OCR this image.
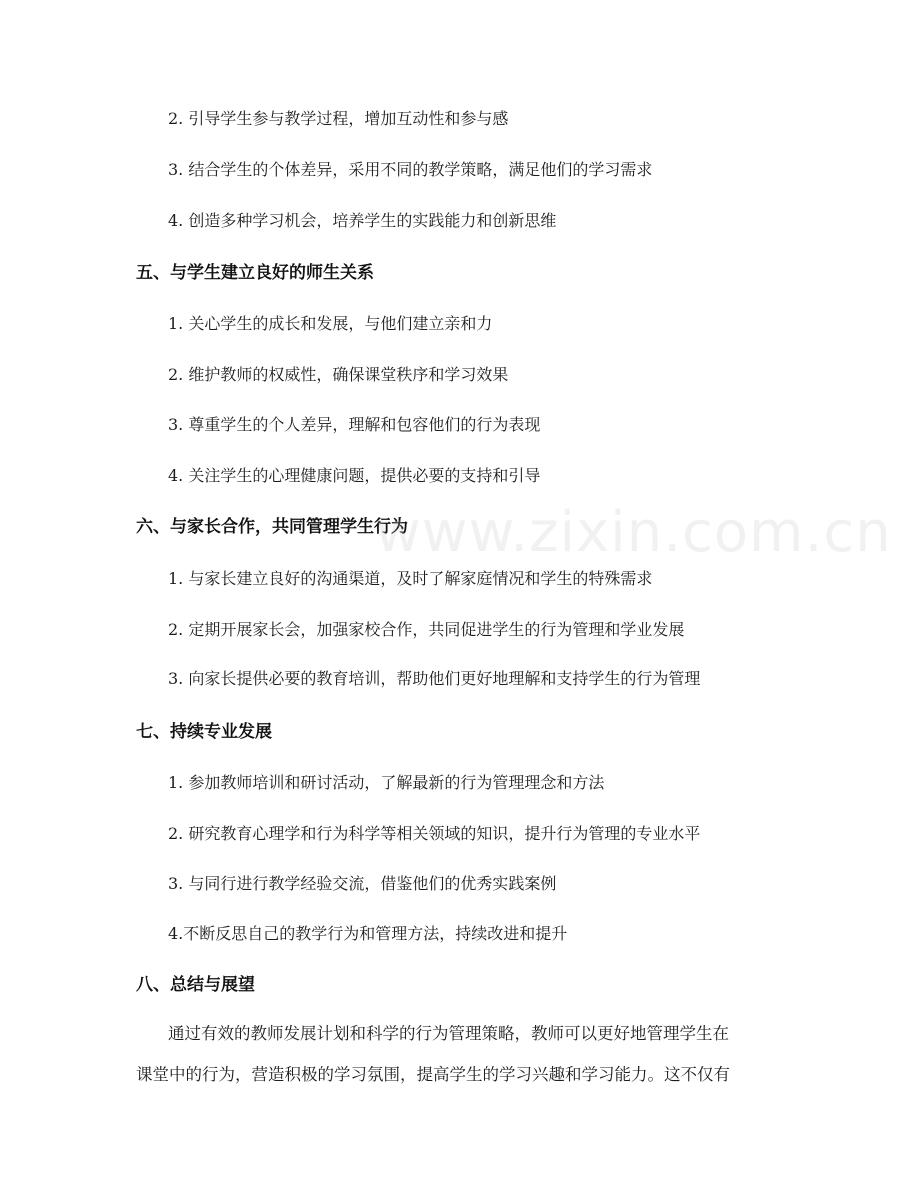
2. 引导学生参与教学过程，增加互动性和参与感
3. 结合学生的个体差异，采用不同的教学策略，满足他们的学习需求
4. 创造多种学习机会，培养学生的实践能力和创新思维
五、与学生建立良好的师生关系
1. 关心学生的成长和发展，与他们建立亲和力
2. 维护教师的权威性，确保课堂秩序和学习效果
3. 尊重学生的个人差异，理解和包容他们的行为表现
4. 关注学生的心理健康问题，提供必要的支持和引导
六、与家长合作，共同管理学生行为
1. 与家长建立良好的沟通渠道，及时了解家庭情况和学生的特殊需求
2. 定期开展家长会，加强家校合作，共同促进学生的行为管理和学业发展
3. 向家长提供必要的教育培训，帮助他们更好地理解和支持学生的行为管理
七、持续专业发展
1. 参加教师培训和研讨活动，了解最新的行为管理理念和方法
2. 研究教育心理学和行为科学等相关领域的知识，提升行为管理的专业水平
3. 与同行进行教学经验交流，借鉴他们的优秀实践案例
4.不断反思自己的教学行为和管理方法，持续改进和提升
八、总结与展望
通过有效的教师发展计划和科学的行为管理策略，教师可以更好地管理学生在
课堂中的行为，营造积极的学习氛围，提高学生的学习兴趣和学习能力。这不仅有
www.zixin.com.cn
